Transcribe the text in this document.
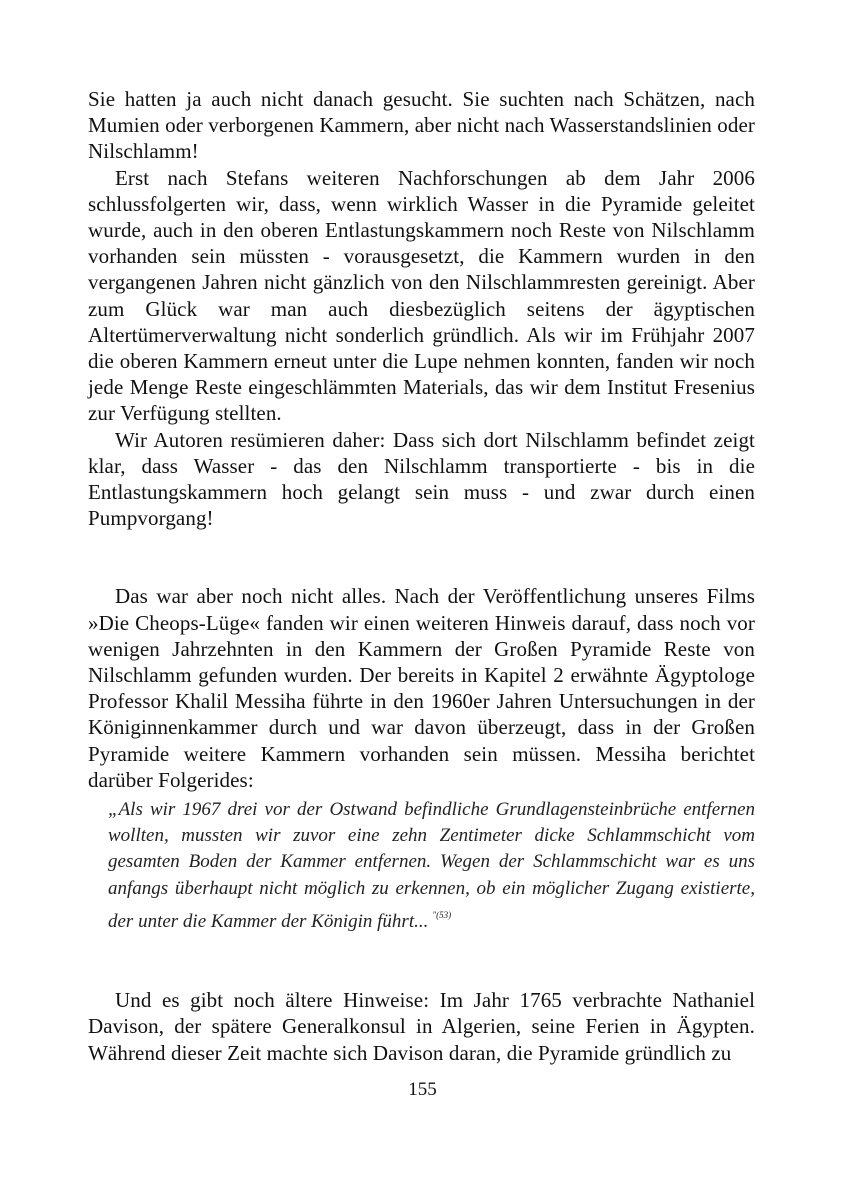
Sie hatten ja auch nicht danach gesucht. Sie suchten nach Schätzen, nach Mumien oder verborgenen Kammern, aber nicht nach Wasserstandslinien oder Nilschlamm!

Erst nach Stefans weiteren Nachforschungen ab dem Jahr 2006 schlussfolgerten wir, dass, wenn wirklich Wasser in die Pyramide geleitet wurde, auch in den oberen Entlastungskammern noch Reste von Nilschlamm vorhanden sein müssten - vorausgesetzt, die Kammern wurden in den vergangenen Jahren nicht gänzlich von den Nilschlammresten gereinigt. Aber zum Glück war man auch diesbezüglich seitens der ägyptischen Altertümerverwaltung nicht sonderlich gründlich. Als wir im Frühjahr 2007 die oberen Kammern erneut unter die Lupe nehmen konnten, fanden wir noch jede Menge Reste eingeschlämmten Materials, das wir dem Institut Fresenius zur Verfügung stellten.

Wir Autoren resümieren daher: Dass sich dort Nilschlamm befindet zeigt klar, dass Wasser - das den Nilschlamm transportierte - bis in die Entlastungskammern hoch gelangt sein muss - und zwar durch einen Pumpvorgang!

Das war aber noch nicht alles. Nach der Veröffentlichung unseres Films »Die Cheops-Lüge« fanden wir einen weiteren Hinweis darauf, dass noch vor wenigen Jahrzehnten in den Kammern der Großen Pyramide Reste von Nilschlamm gefunden wurden. Der bereits in Kapitel 2 erwähnte Ägyptologe Professor Khalil Messiha führte in den 1960er Jahren Untersuchungen in der Königinnenkammer durch und war davon überzeugt, dass in der Großen Pyramide weitere Kammern vorhanden sein müssen. Messiha berichtet darüber Folgerides:

„Als wir 1967 drei vor der Ostwand befindliche Grundlagensteinbrüche entfernen wollten, mussten wir zuvor eine zehn Zentimeter dicke Schlammschicht vom gesamten Boden der Kammer entfernen. Wegen der Schlammschicht war es uns anfangs überhaupt nicht möglich zu erkennen, ob ein möglicher Zugang existierte, der unter die Kammer der Königin führt... $^{"(53)}$

Und es gibt noch ältere Hinweise: Im Jahr 1765 verbrachte Nathaniel Davison, der spätere Generalkonsul in Algerien, seine Ferien in Ägypten. Während dieser Zeit machte sich Davison daran, die Pyramide gründlich zu

155
